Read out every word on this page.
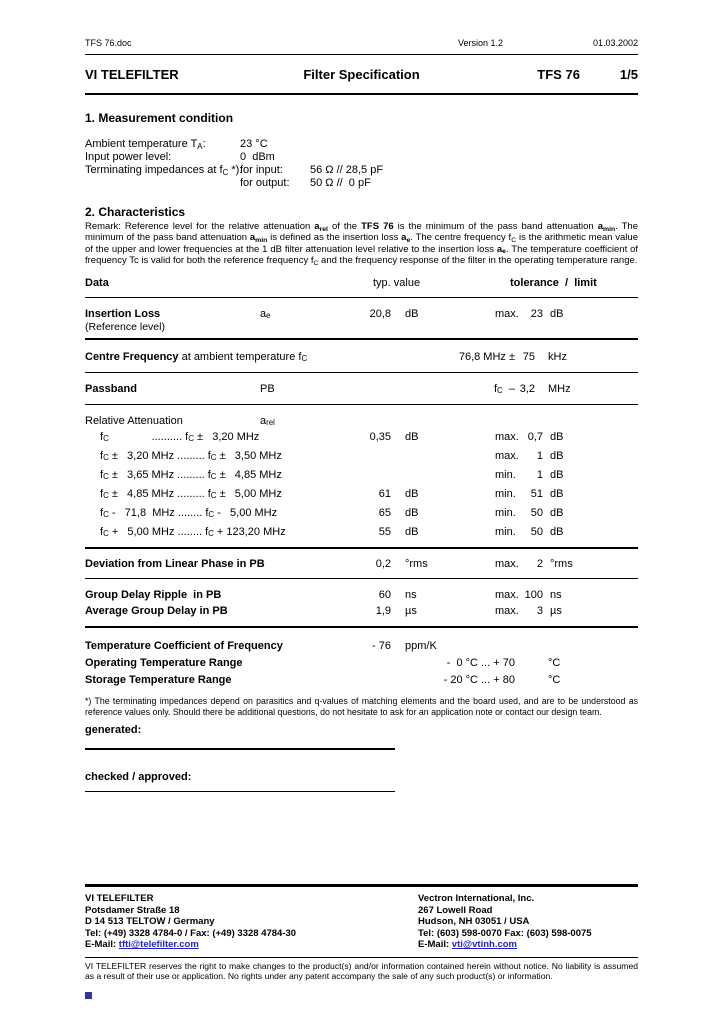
TFS 76.doc	Version 1.2	01.03.2002
VI TELEFILTER	Filter Specification	TFS 76	1/5
1. Measurement condition
Ambient temperature $T_A$:	23 °C
Input power level:	0  dBm
Terminating impedances at $f_C$ *):
for input:	56 Ω // 28,5 pF
for output:	50 Ω //  0 pF
2. Characteristics
Remark: Reference level for the relative attenuation $a_{rel}$ of the TFS 76 is the minimum of the pass band attenuation $a_{min}$. The minimum of the pass band attenuation $a_{min}$ is defined as the insertion loss $a_e$. The centre frequency $f_C$ is the arithmetic mean value of the upper and lower frequencies at the 1 dB filter attenuation level relative to the insertion loss $a_e$. The temperature coefficient of frequency Tc is valid for both the reference frequency $f_C$ and the frequency response of the filter in the operating temperature range.
Data	typ. value	tolerance  /  limit
Insertion Loss	$a_e$	20,8	dB	max.	23 dB
(Reference level)
Centre Frequency at ambient temperature $f_C$	76,8 MHz ± 75	kHz
Passband	PB	$f_C - 3,2$	MHz
Relative Attenuation	$a_{rel}$
$f_C$              .......... $f_C \pm 3,20$ MHz	0,35	dB	max. 0,7 dB
$f_C \pm 3,20$ MHz ......... $f_C \pm 3,50$ MHz	max.	1 dB
$f_C \pm 3,65$ MHz ......... $f_C \pm 4,85$ MHz	min.	1 dB
$f_C \pm 4,85$ MHz ......... $f_C \pm 5,00$ MHz	61	dB	min.	51 dB
$f_C - 71,8$  MHz ........ $f_C - 5,00$ MHz	65	dB	min.	50 dB
$f_C + 5,00$ MHz ........ $f_C + 123,20$ MHz	55	dB	min.	50 dB
Deviation from Linear Phase in PB	0,2	°rms	max.	2 °rms
Group Delay Ripple  in PB	60	ns	max. 100 ns
Average Group Delay in PB	1,9	µs	max.	3 µs
Temperature Coefficient of Frequency	- 76	ppm/K
Operating Temperature Range	-  0 °C ... + 70	°C
Storage Temperature Range	- 20 °C ... + 80	°C
*) The terminating impedances depend on parasitics and q-values of matching elements and the board used, and are to be understood as reference values only. Should there be additional questions, do not hesitate to ask for an application note or contact our design team.
generated:
checked / approved:
VI TELEFILTER
Potsdamer Straße 18
D 14 513 TELTOW / Germany
Tel: (+49) 3328 4784-0 / Fax: (+49) 3328 4784-30
E-Mail: tfti@telefilter.com
Vectron International, Inc.
267 Lowell Road
Hudson, NH 03051 / USA
Tel: (603) 598-0070 Fax: (603) 598-0075
E-Mail: vti@vtinh.com
VI TELEFILTER reserves the right to make changes to the product(s) and/or information contained herein without notice. No liability is assumed as a result of their use or application. No rights under any patent accompany the sale of any such product(s) or information.
